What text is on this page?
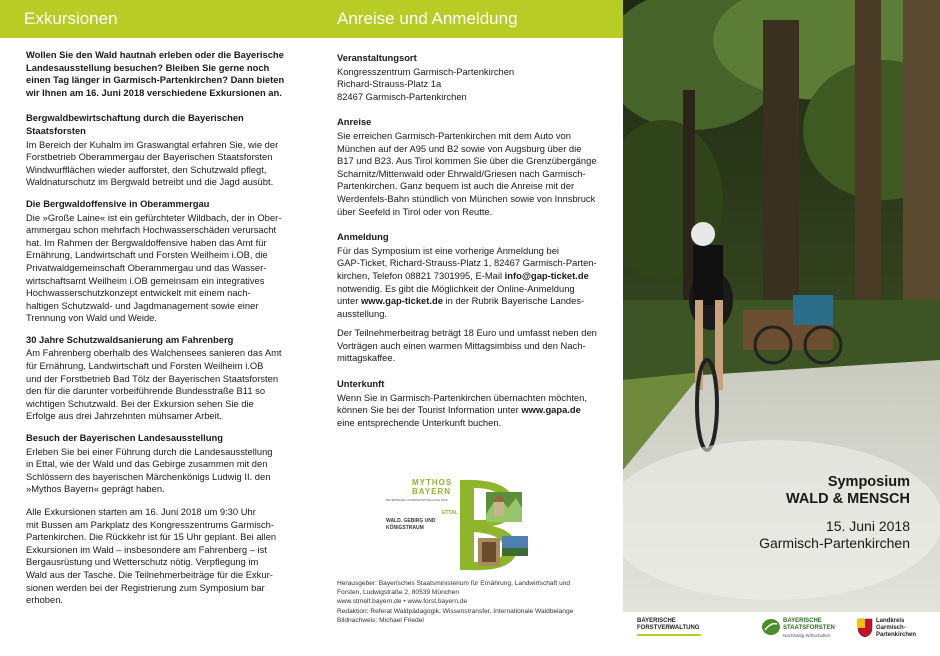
Exkursionen

Wollen Sie den Wald hautnah erleben oder die Bayerische
Landesausstellung besuchen? Bleiben Sie gerne noch
einen Tag länger in Garmisch-Partenkirchen? Dann bieten
wir Ihnen am 16. Juni 2018 verschiedene Exkursionen an.

Bergwaldbewirtschaftung durch die Bayerischen
Staatsforsten

Im Bereich der Kuhalm im Graswangtal erfahren Sie, wie der
Forstbetrieb Oberammergau der Bayerischen Staatsforsten
Windwurfflächen wieder aufforstet, den Schutzwald pflegt,
Waldnaturschutz im Bergwald betreibt und die Jagd ausübt.

Die Bergwaldoffensive in Oberammergau

Die »Große Laine« ist ein gefürchteter Wildbach, der in Ober-
ammergau schon mehrfach Hochwasserschäden verursacht
hat. Im Rahmen der Bergwaldoffensive haben das Amt für
Ernährung, Landwirtschaft und Forsten Weilheim i.OB, die
Privatwaldgemeinschaft Oberammergau und das Wasser-
wirtschaftsamt Weilheim i.OB gemeinsam ein integratives
Hochwasserschutzkonzept entwickelt mit einem nach-
haltigen Schutzwald- und Jagdmanagement sowie einer
Trennung von Wald und Weide.

30 Jahre Schutzwaldsanierung am Fahrenberg

Am Fahrenberg oberhalb des Walchensees sanieren das Amt
für Ernährung, Landwirtschaft und Forsten Weilheim i.OB
und der Forstbetrieb Bad Tölz der Bayerischen Staatsforsten
den für die darunter vorbeiführende Bundesstraße B11 so
wichtigen Schutzwald. Bei der Exkursion sehen Sie die
Erfolge aus drei Jahrzehnten mühsamer Arbeit.

Besuch der Bayerischen Landesausstellung

Erleben Sie bei einer Führung durch die Landesausstellung
in Ettal, wie der Wald und das Gebirge zusammen mit den
Schlössern des bayerischen Märchenkönigs Ludwig II. den
»Mythos Bayern« geprägt haben.

Alle Exkursionen starten am 16. Juni 2018 um 9:30 Uhr
mit Bussen am Parkplatz des Kongresszentrums Garmisch-
Partenkirchen. Die Rückkehr ist für 15 Uhr geplant. Bei allen
Exkursionen im Wald – insbesondere am Fahrenberg – ist
Bergausrüstung und Wetterschutz nötig. Verpflegung im
Wald aus der Tasche. Die Teilnehmerbeiträge für die Exkur-
sionen werden bei der Registrierung zum Symposium bar
erhoben.

Anreise und Anmeldung

Veranstaltungsort

Kongresszentrum Garmisch-Partenkirchen
Richard-Strauss-Platz 1a
82467 Garmisch-Partenkirchen

Anreise

Sie erreichen Garmisch-Partenkirchen mit dem Auto von
München auf der A95 und B2 sowie von Augsburg über die
B17 und B23. Aus Tirol kommen Sie über die Grenzübergänge
Scharnitz/Mittenwald oder Ehrwald/Griesen nach Garmisch-
Partenkirchen. Ganz bequem ist auch die Anreise mit der
Werdenfels-Bahn stündlich von München sowie von Innsbruck
über Seefeld in Tirol oder von Reutte.

Anmeldung

Für das Symposium ist eine vorherige Anmeldung bei
GAP-Ticket, Richard-Strauss-Platz 1, 82467 Garmisch-Parten-
kirchen, Telefon 08821 7301995, E-Mail info@gap-ticket.de
notwendig. Es gibt die Möglichkeit der Online-Anmeldung
unter www.gap-ticket.de in der Rubrik Bayerische Landes-
ausstellung.

Der Teilnehmerbeitrag beträgt 18 Euro und umfasst neben den
Vorträgen auch einen warmen Mittagsimbiss und den Nach-
mittagskaffee.

Unterkunft

Wenn Sie in Garmisch-Partenkirchen übernachten möchten,
können Sie bei der Tourist Information unter www.gapa.de
eine entsprechende Unterkunft buchen.

MYTHOS
BAYERN
BAYERISCHE LANDESAUSSTELLUNG 2018
ETTAL
WALD. GEBIRG UND
KÖNIGSTRAUM
Herausgeber: Bayerisches Staatsministerium für Ernährung, Landwirtschaft und
Forsten, Ludwigstraße 2, 80539 München
www.stmelf.bayern.de • www.forst.bayern.de
Redaktion: Referat Waldpädagogik, Wissenstransfer, Internationale Waldbelange
Bildnachweis: Michael Friedel
Symposium
WALD & MENSCH
15. Juni 2018
Garmisch-Partenkirchen
BAYERISCHE
FORSTVERWALTUNG
BAYERISCHE
STAATSFORSTEN
Nachhaltig Wirtschaften
Landkreis
Garmisch-
Partenkirchen
